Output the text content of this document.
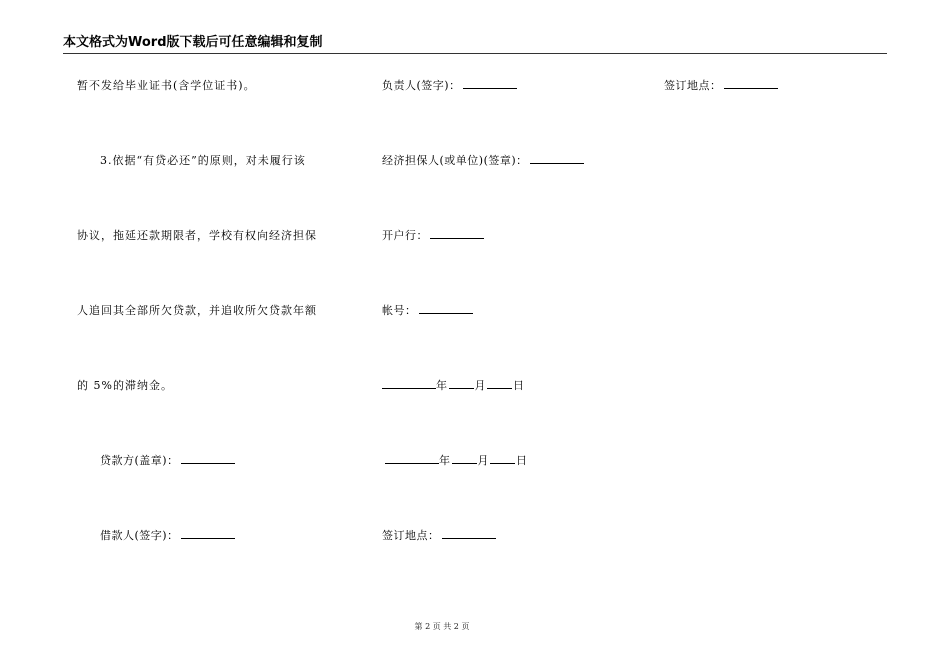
本文格式为Word版下载后可任意编辑和复制
暂不发给毕业证书(含学位证书)。
3.依据“有贷必还”的原则，对未履行该
协议，拖延还款期限者，学校有权向经济担保
人追回其全部所欠贷款，并追收所欠贷款年额
的 5%的滞纳金。
贷款方(盖章)：
借款人(签字)：
负责人(签字)：
经济担保人(或单位)(签章)：
开户行：
帐号：
年 月 日
年 月 日
签订地点：
签订地点：
第 2 页 共 2 页
